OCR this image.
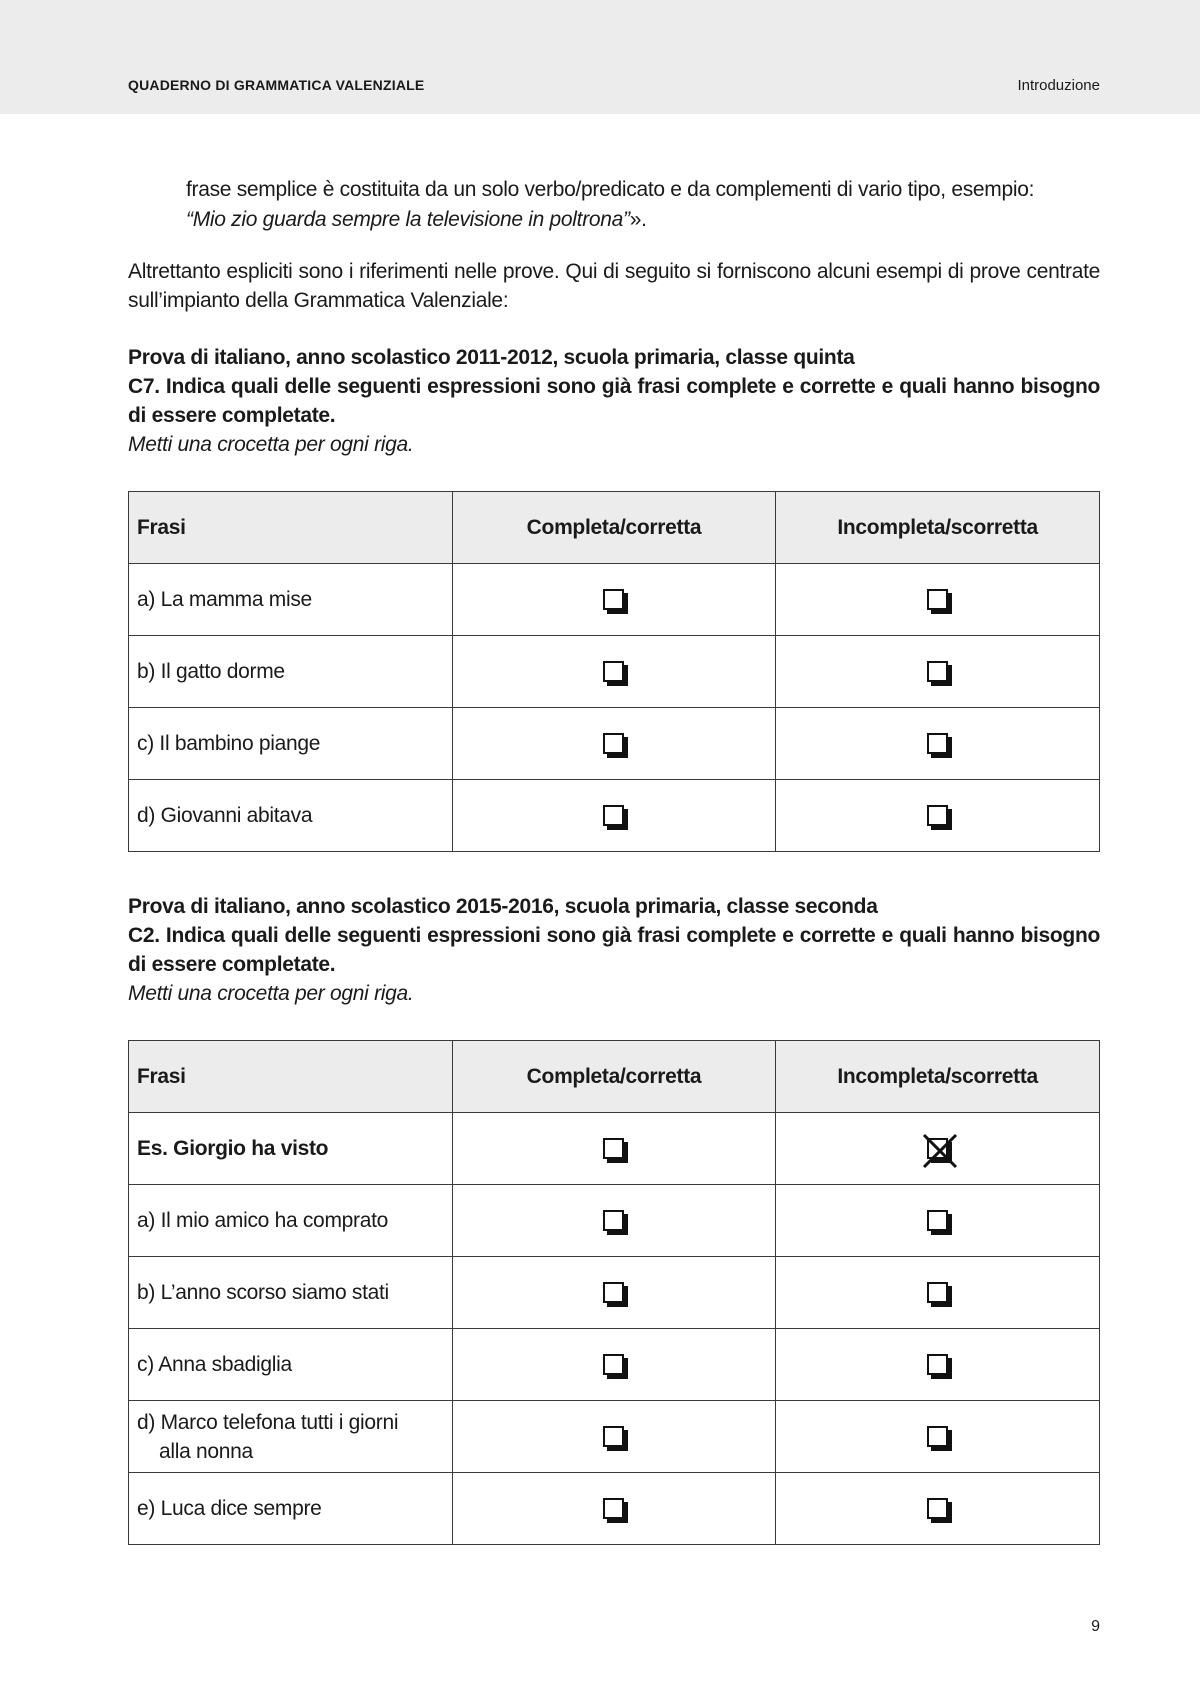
QUADERNO DI GRAMMATICA VALENZIALE	Introduzione
frase semplice è costituita da un solo verbo/predicato e da complementi di vario tipo, esempio: “Mio zio guarda sempre la televisione in poltrona”».
Altrettanto espliciti sono i riferimenti nelle prove. Qui di seguito si forniscono alcuni esempi di prove centrate sull’impianto della Grammatica Valenziale:
Prova di italiano, anno scolastico 2011-2012, scuola primaria, classe quinta
C7. Indica quali delle seguenti espressioni sono già frasi complete e corrette e quali hanno bisogno di essere completate.
Metti una crocetta per ogni riga.
Frasi	Completa/corretta	Incompleta/scorretta
a) La mamma mise		
b) Il gatto dorme		
c) Il bambino piange		
d) Giovanni abitava		
Prova di italiano, anno scolastico 2015-2016, scuola primaria, classe seconda
C2. Indica quali delle seguenti espressioni sono già frasi complete e corrette e quali hanno bisogno di essere completate.
Metti una crocetta per ogni riga.
Frasi	Completa/corretta	Incompleta/scorretta
Es. Giorgio ha visto		

a) Il mio amico ha comprato		
b) L’anno scorso siamo stati		
c) Anna sbadiglia		
d) Marco telefona tutti i giorni
alla nonna		
e) Luca dice sempre		
9
